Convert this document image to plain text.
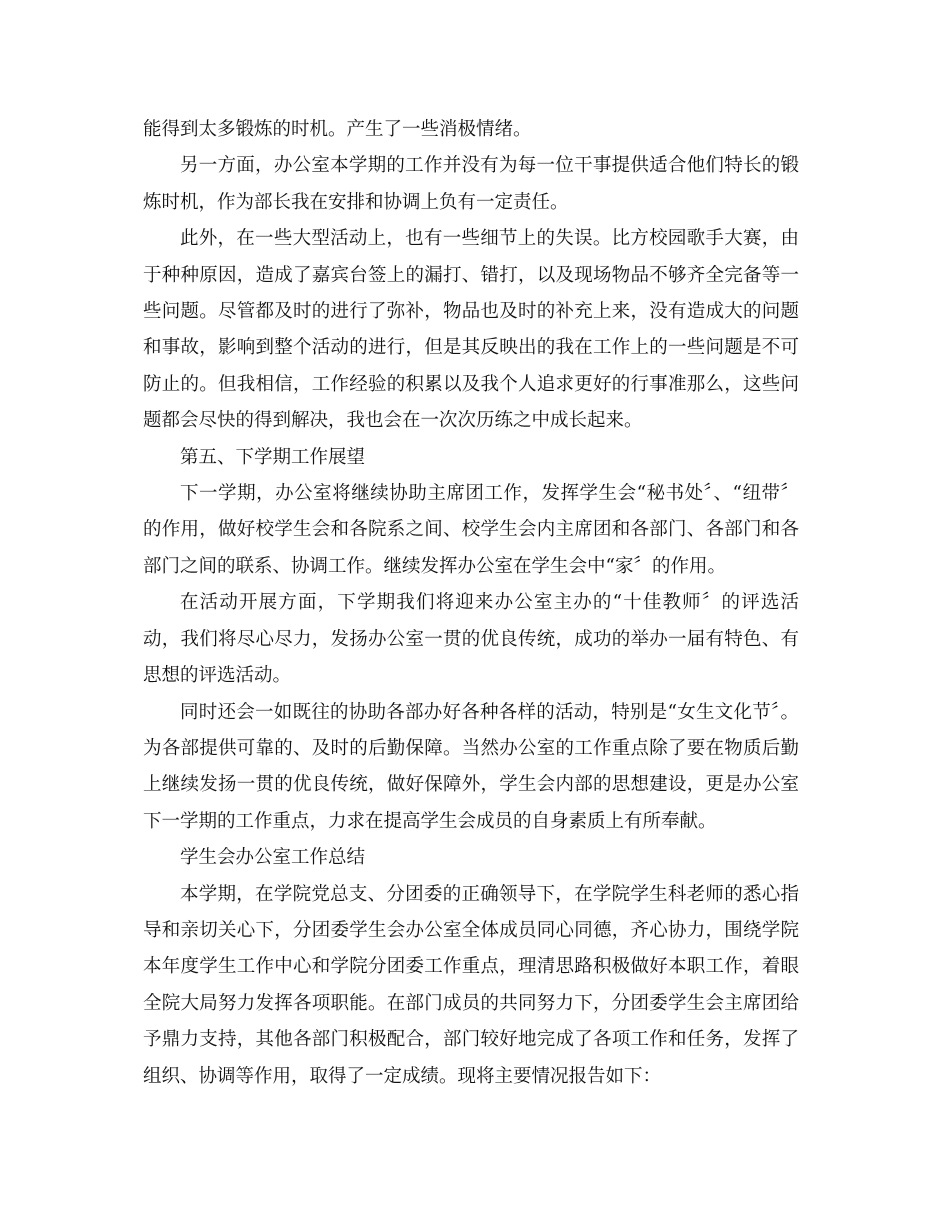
能得到太多锻炼的时机。产生了一些消极情绪。

另一方面，办公室本学期的工作并没有为每一位干事提供适合他们特长的锻炼时机，作为部长我在安排和协调上负有一定责任。

此外，在一些大型活动上，也有一些细节上的失误。比方校园歌手大赛，由于种种原因，造成了嘉宾台签上的漏打、错打，以及现场物品不够齐全完备等一些问题。尽管都及时的进行了弥补，物品也及时的补充上来，没有造成大的问题和事故，影响到整个活动的进行，但是其反映出的我在工作上的一些问题是不可防止的。但我相信，工作经验的积累以及我个人追求更好的行事准那么，这些问题都会尽快的得到解决，我也会在一次次历练之中成长起来。

第五、下学期工作展望

下一学期，办公室将继续协助主席团工作，发挥学生会“秘书处〞、“纽带〞的作用，做好校学生会和各院系之间、校学生会内主席团和各部门、各部门和各部门之间的联系、协调工作。继续发挥办公室在学生会中“家〞的作用。

在活动开展方面，下学期我们将迎来办公室主办的“十佳教师〞的评选活动，我们将尽心尽力，发扬办公室一贯的优良传统，成功的举办一届有特色、有思想的评选活动。

同时还会一如既往的协助各部办好各种各样的活动，特别是“女生文化节〞。为各部提供可靠的、及时的后勤保障。当然办公室的工作重点除了要在物质后勤上继续发扬一贯的优良传统，做好保障外，学生会内部的思想建设，更是办公室下一学期的工作重点，力求在提高学生会成员的自身素质上有所奉献。

学生会办公室工作总结

本学期，在学院党总支、分团委的正确领导下，在学院学生科老师的悉心指导和亲切关心下，分团委学生会办公室全体成员同心同德，齐心协力，围绕学院本年度学生工作中心和学院分团委工作重点，理清思路积极做好本职工作，着眼全院大局努力发挥各项职能。在部门成员的共同努力下，分团委学生会主席团给予鼎力支持，其他各部门积极配合，部门较好地完成了各项工作和任务，发挥了组织、协调等作用，取得了一定成绩。现将主要情况报告如下：
